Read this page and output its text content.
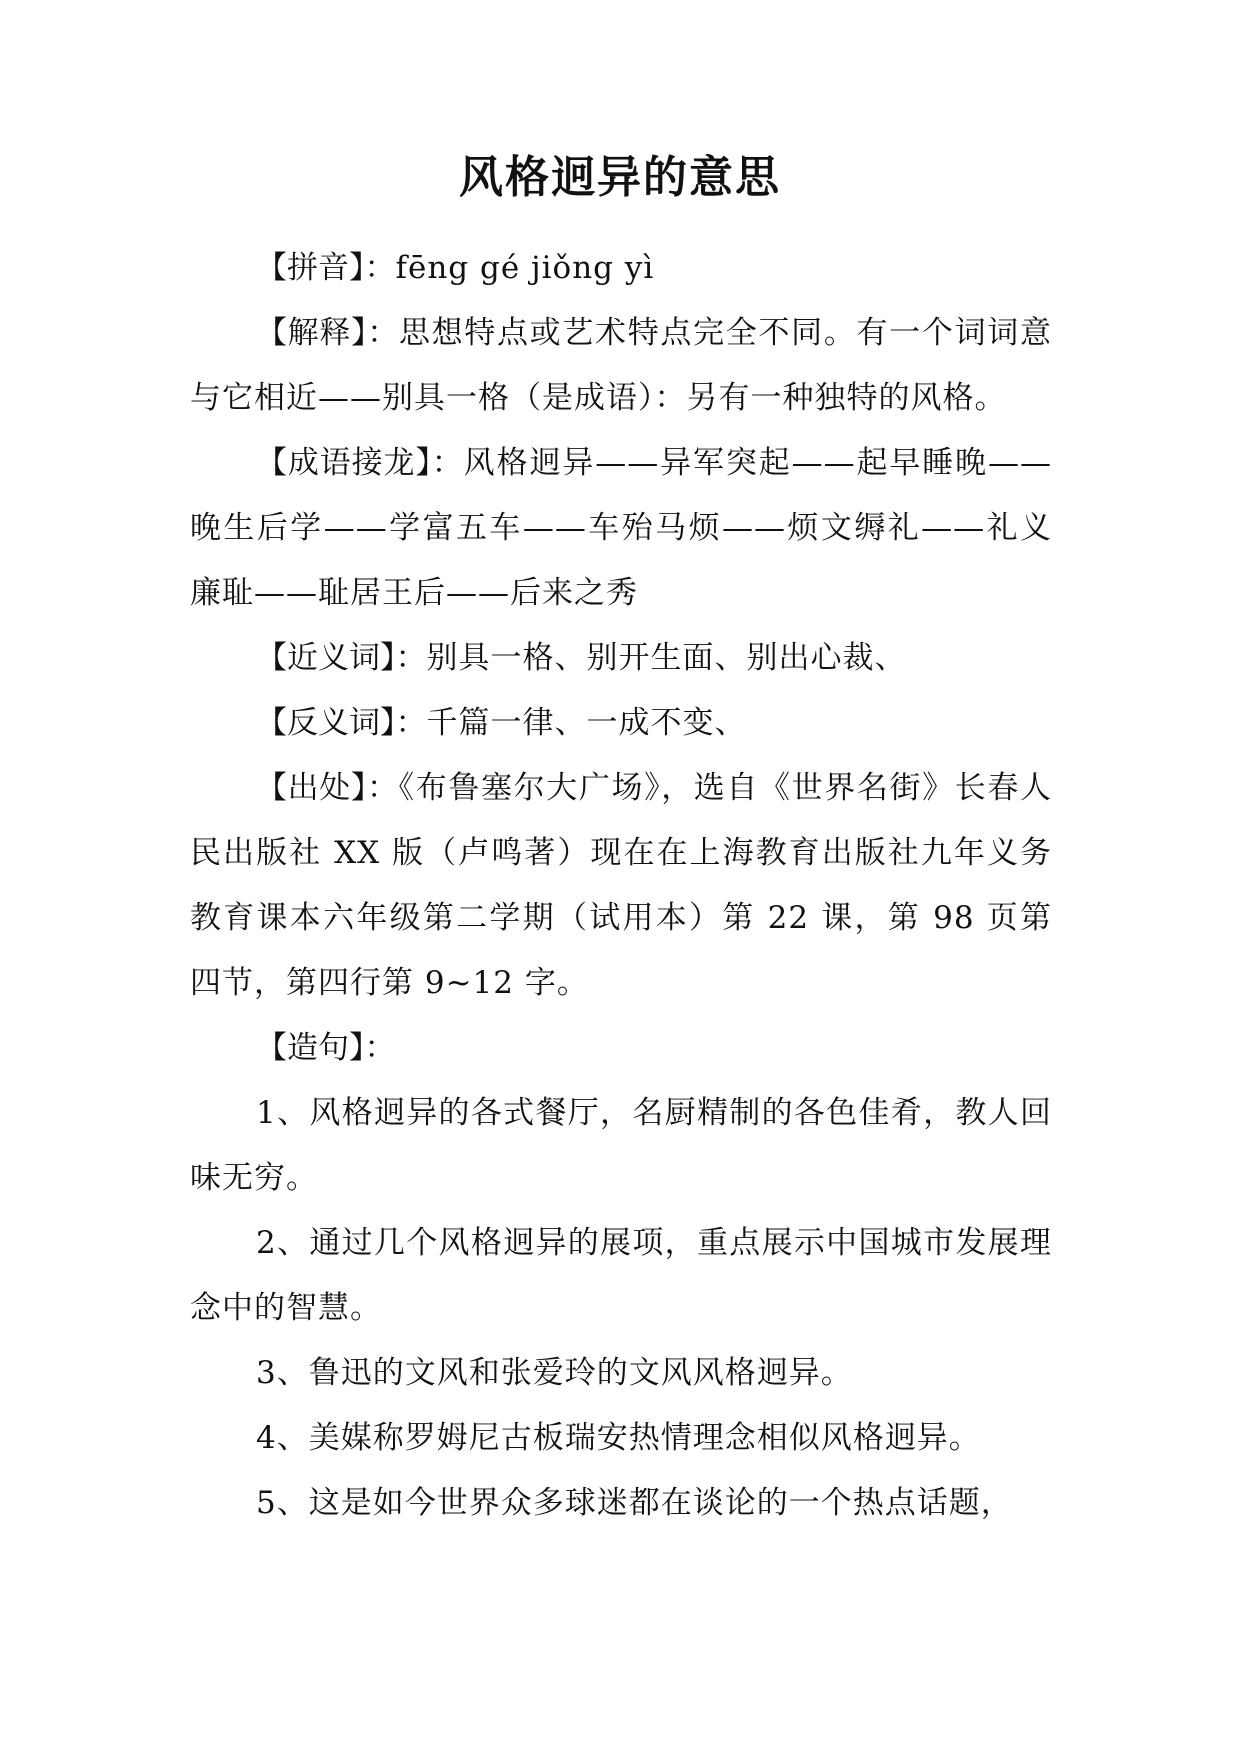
风格迥异的意思

【拼音】：fēng gé jiǒng yì

【解释】：思想特点或艺术特点完全不同。有一个词词意与它相近——别具一格（是成语）：另有一种独特的风格。

【成语接龙】：风格迥异——异军突起——起早睡晚——晚生后学——学富五车——车殆马烦——烦文缛礼——礼义廉耻——耻居王后——后来之秀

【近义词】：别具一格、别开生面、别出心裁、

【反义词】：千篇一律、一成不变、

【出处】：《布鲁塞尔大广场》，选自《世界名街》长春人民出版社 XX 版（卢鸣著）现在在上海教育出版社九年义务教育课本六年级第二学期（试用本）第 22 课，第 98 页第四节，第四行第 9~12 字。

【造句】：

1、风格迥异的各式餐厅，名厨精制的各色佳肴，教人回味无穷。

2、通过几个风格迥异的展项，重点展示中国城市发展理念中的智慧。

3、鲁迅的文风和张爱玲的文风风格迥异。

4、美媒称罗姆尼古板瑞安热情理念相似风格迥异。

5、这是如今世界众多球迷都在谈论的一个热点话题，
